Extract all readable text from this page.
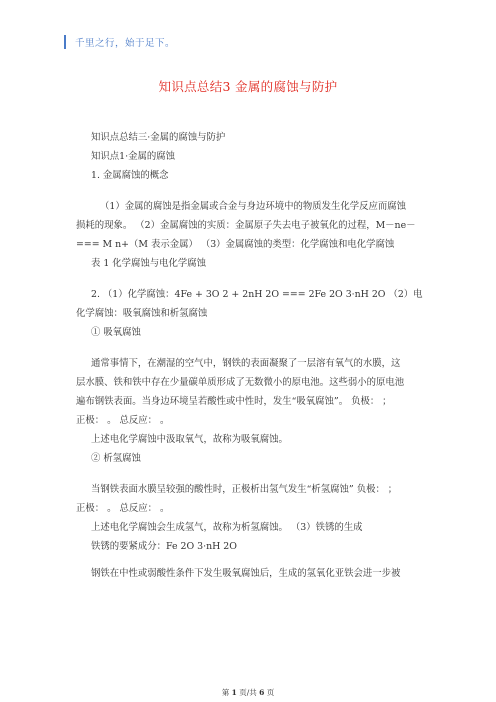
千里之行，始于足下。
知识点总结3 金属的腐蚀与防护

知识点总结三·金属的腐蚀与防护

知识点1·金属的腐蚀

1. 金属腐蚀的概念

（1）金属的腐蚀是指金属或合金与身边环境中的物质发生化学反应而腐蚀

损耗的现象。 （2）金属腐蚀的实质：金属原子失去电子被氧化的过程，M－ne－

=== M n+（M 表示金属） （3）金属腐蚀的类型：化学腐蚀和电化学腐蚀

表 1 化学腐蚀与电化学腐蚀

2. （1）化学腐蚀：4Fe + 3O 2 + 2nH 2O === 2Fe 2O 3·nH 2O （2）电

化学腐蚀：吸氧腐蚀和析氢腐蚀

① 吸氧腐蚀

通常事情下，在潮湿的空气中，钢铁的表面凝聚了一层溶有氧气的水膜，这

层水膜、铁和铁中存在少量碳单质形成了无数微小的原电池。这些弱小的原电池

遍布钢铁表面。当身边环境呈若酸性或中性时，发生“吸氧腐蚀”。 负极： ；

正极： 。 总反应： 。

上述电化学腐蚀中汲取氧气，故称为吸氧腐蚀。

② 析氢腐蚀

当钢铁表面水膜呈较强的酸性时，正极析出氢气发生“析氢腐蚀” 负极： ；

正极： 。 总反应： 。

上述电化学腐蚀会生成氢气，故称为析氢腐蚀。 （3）铁锈的生成

铁锈的要紧成分：Fe 2O 3·nH 2O

钢铁在中性或弱酸性条件下发生吸氧腐蚀后，生成的氢氧化亚铁会进一步被

第 1 页/共 6 页
